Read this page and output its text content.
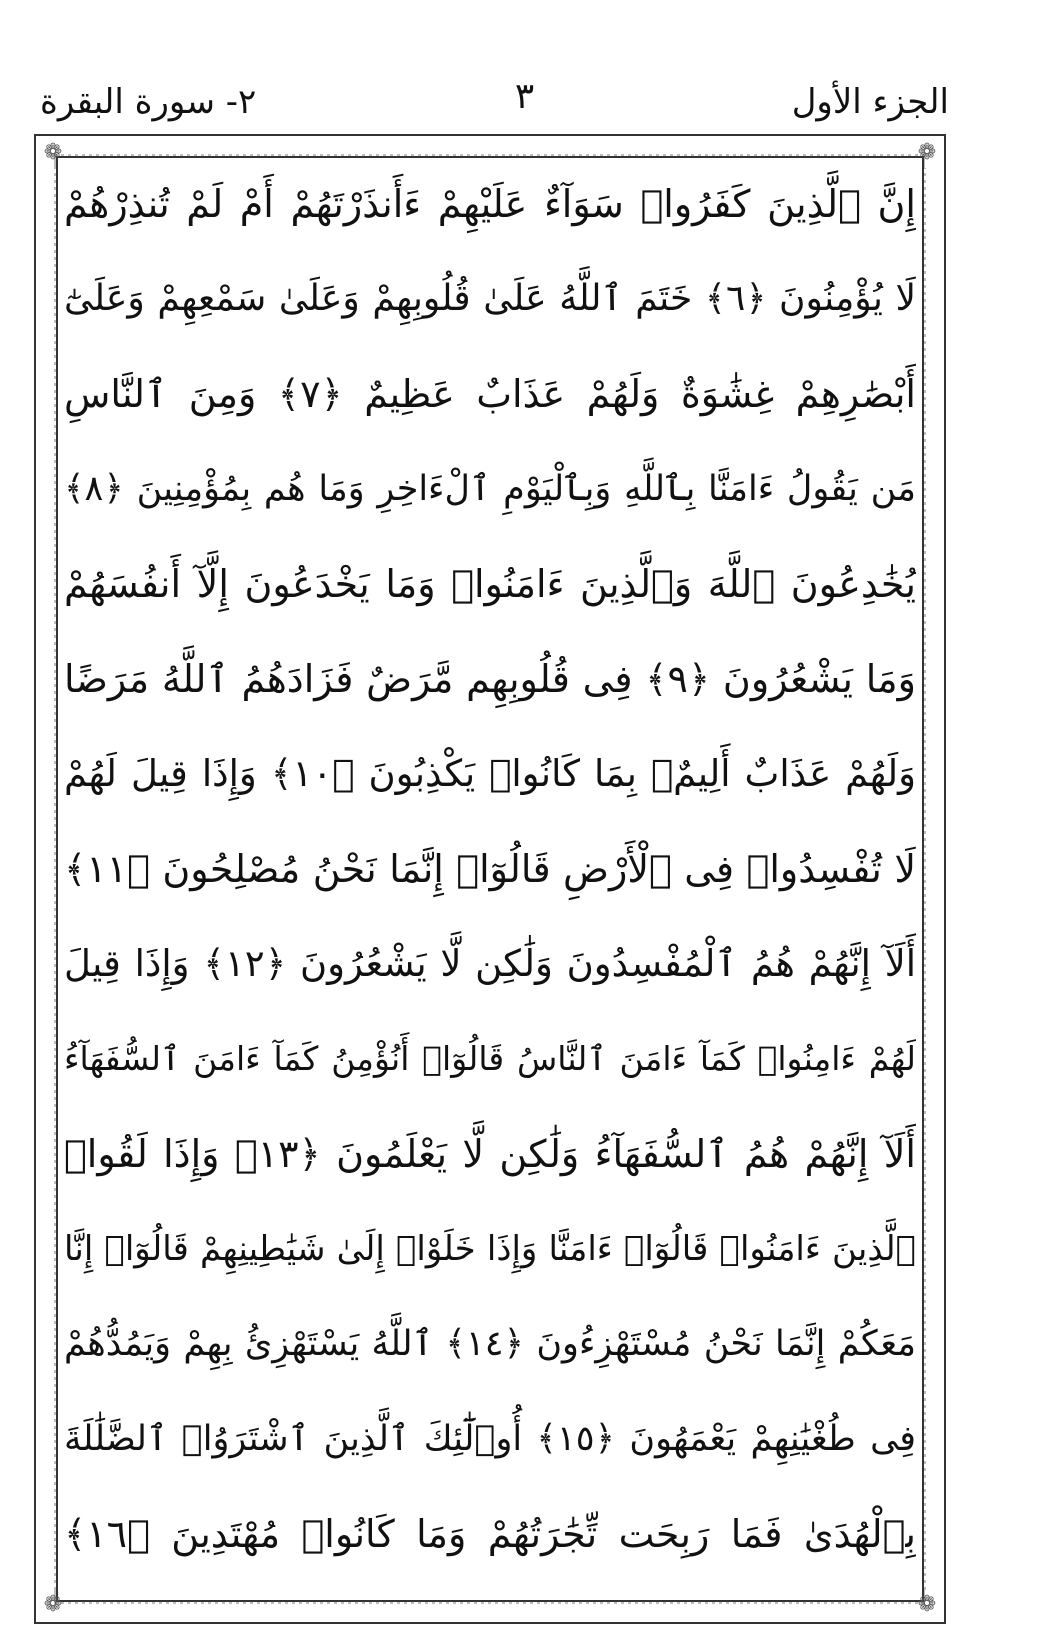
الجزء الأول
٣
٢- سورة البقرة
❁	❁
❁	❁
إِنَّ ٱلَّذِينَ كَفَرُوا۟ سَوَآءٌ عَلَيْهِمْ ءَأَنذَرْتَهُمْ أَمْ لَمْ تُنذِرْهُمْ
لَا يُؤْمِنُونَ ﴿٦﴾ خَتَمَ ٱللَّهُ عَلَىٰ قُلُوبِهِمْ وَعَلَىٰ سَمْعِهِمْ وَعَلَىٰٓ
أَبْصَٰرِهِمْ غِشَٰوَةٌ وَلَهُمْ عَذَابٌ عَظِيمٌ ﴿٧﴾ وَمِنَ ٱلنَّاسِ
مَن يَقُولُ ءَامَنَّا بِٱللَّهِ وَبِٱلْيَوْمِ ٱلْءَاخِرِ وَمَا هُم بِمُؤْمِنِينَ ﴿٨﴾
يُخَٰدِعُونَ ٱللَّهَ وَٱلَّذِينَ ءَامَنُوا۟ وَمَا يَخْدَعُونَ إِلَّآ أَنفُسَهُمْ
وَمَا يَشْعُرُونَ ﴿٩﴾ فِى قُلُوبِهِم مَّرَضٌ فَزَادَهُمُ ٱللَّهُ مَرَضًا
وَلَهُمْ عَذَابٌ أَلِيمٌۢ بِمَا كَانُوا۟ يَكْذِبُونَ ﴿١٠﴾ وَإِذَا قِيلَ لَهُمْ
لَا تُفْسِدُوا۟ فِى ٱلْأَرْضِ قَالُوٓا۟ إِنَّمَا نَحْنُ مُصْلِحُونَ ﴿١١﴾
أَلَآ إِنَّهُمْ هُمُ ٱلْمُفْسِدُونَ وَلَٰكِن لَّا يَشْعُرُونَ ﴿١٢﴾ وَإِذَا قِيلَ
لَهُمْ ءَامِنُوا۟ كَمَآ ءَامَنَ ٱلنَّاسُ قَالُوٓا۟ أَنُؤْمِنُ كَمَآ ءَامَنَ ٱلسُّفَهَآءُ
أَلَآ إِنَّهُمْ هُمُ ٱلسُّفَهَآءُ وَلَٰكِن لَّا يَعْلَمُونَ ﴿١٣﴾ وَإِذَا لَقُوا۟
ٱلَّذِينَ ءَامَنُوا۟ قَالُوٓا۟ ءَامَنَّا وَإِذَا خَلَوْا۟ إِلَىٰ شَيَٰطِينِهِمْ قَالُوٓا۟ إِنَّا
مَعَكُمْ إِنَّمَا نَحْنُ مُسْتَهْزِءُونَ ﴿١٤﴾ ٱللَّهُ يَسْتَهْزِئُ بِهِمْ وَيَمُدُّهُمْ
فِى طُغْيَٰنِهِمْ يَعْمَهُونَ ﴿١٥﴾ أُو۟لَٰٓئِكَ ٱلَّذِينَ ٱشْتَرَوُا۟ ٱلضَّلَٰلَةَ
بِٱلْهُدَىٰ فَمَا رَبِحَت تِّجَٰرَتُهُمْ وَمَا كَانُوا۟ مُهْتَدِينَ ﴿١٦﴾
